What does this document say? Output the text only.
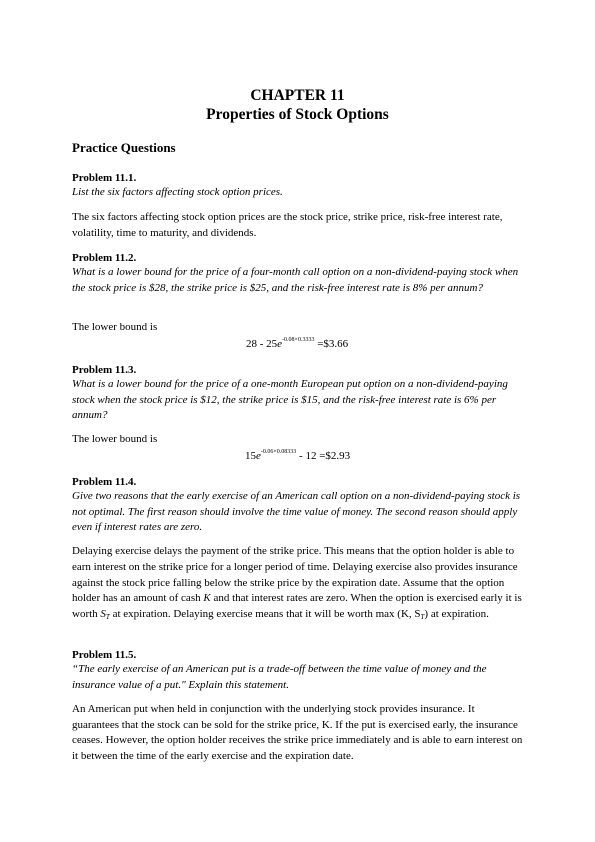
CHAPTER 11
Properties of Stock Options
Practice Questions
Problem 11.1.
List the six factors affecting stock option prices.
The six factors affecting stock option prices are the stock price, strike price, risk-free interest rate, volatility, time to maturity, and dividends.
Problem 11.2.
What is a lower bound for the price of a four-month call option on a non-dividend-paying stock when the stock price is $28, the strike price is $25, and the risk-free interest rate is 8% per annum?
The lower bound is
$28 - 25e^{-0.08\times 0.3333}$ =$3.66
Problem 11.3.
What is a lower bound for the price of a one-month European put option on a non-dividend-paying stock when the stock price is $12, the strike price is $15, and the risk-free interest rate is 6% per annum?
The lower bound is
$15e^{-0.06\times 0.08333} - 12$ =$2.93
Problem 11.4.
Give two reasons that the early exercise of an American call option on a non-dividend-paying stock is not optimal. The first reason should involve the time value of money. The second reason should apply even if interest rates are zero.
Delaying exercise delays the payment of the strike price. This means that the option holder is able to earn interest on the strike price for a longer period of time. Delaying exercise also provides insurance against the stock price falling below the strike price by the expiration date. Assume that the option holder has an amount of cash K and that interest rates are zero. When the option is exercised early it is worth $S_T$ at expiration. Delaying exercise means that it will be worth max (K, $S_T$) at expiration.
Problem 11.5.
“The early exercise of an American put is a trade-off between the time value of money and the insurance value of a put." Explain this statement.
An American put when held in conjunction with the underlying stock provides insurance. It guarantees that the stock can be sold for the strike price, K. If the put is exercised early, the insurance ceases. However, the option holder receives the strike price immediately and is able to earn interest on it between the time of the early exercise and the expiration date.
